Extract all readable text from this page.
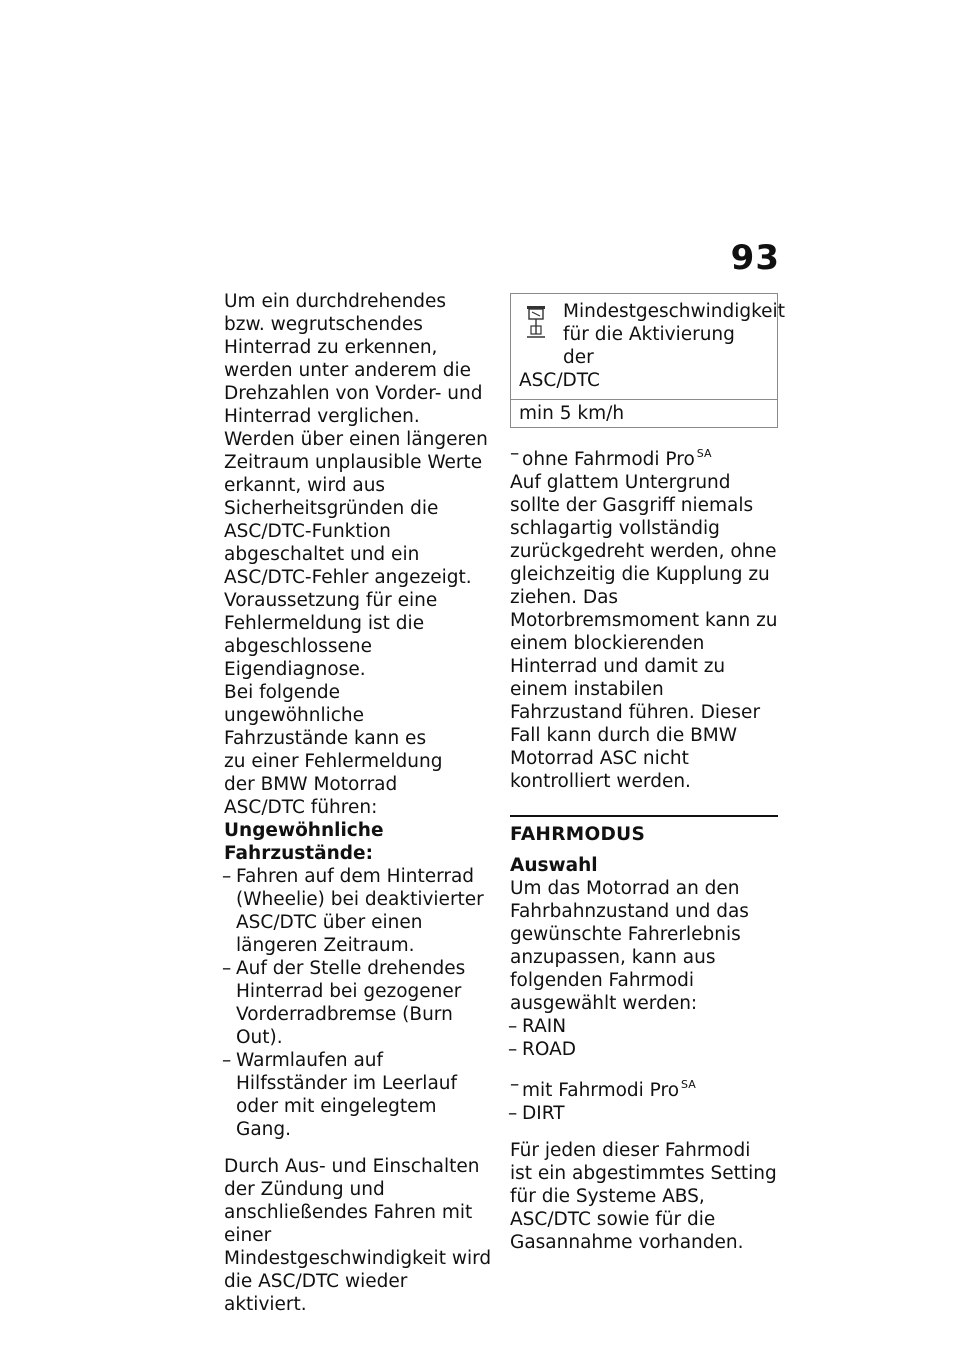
93

Um ein durchdrehendes bzw. wegrutschendes Hinterrad zu erkennen, werden unter anderem die Drehzahlen von Vorder- und Hinterrad verglichen. Werden über einen längeren Zeitraum unplausible Werte erkannt, wird aus Sicherheitsgründen die ASC/DTC-Funktion abgeschaltet und ein ASC/DTC-Fehler angezeigt. Voraussetzung für eine Fehlermeldung ist die abgeschlossene Eigendiagnose.

Bei folgende ungewöhnliche Fahrzustände kann es zu einer Fehlermeldung der BMW Motorrad ASC/DTC führen:

Ungewöhnliche Fahrzustände:

– Fahren auf dem Hinterrad (Wheelie) bei deaktivierter ASC/DTC über einen längeren Zeitraum.
– Auf der Stelle drehendes Hinterrad bei gezogener Vorderradbremse (Burn Out).
– Warmlaufen auf Hilfsständer im Leerlauf oder mit eingelegtem Gang.

Durch Aus- und Einschalten der Zündung und anschließendes Fahren mit einer Mindestgeschwindigkeit wird die ASC/DTC wieder aktiviert.

Mindestgeschwindigkeit
für die Aktivierung der
ASC/DTC
min 5 km/h
– ohne Fahrmodi Pro $^{SA}$

Auf glattem Untergrund sollte der Gasgriff niemals schlagartig vollständig zurückgedreht werden, ohne gleichzeitig die Kupplung zu ziehen. Das Motorbremsmoment kann zu einem blockierenden Hinterrad und damit zu einem instabilen Fahrzustand führen. Dieser Fall kann durch die BMW Motorrad ASC nicht kontrolliert werden.

FAHRMODUS
Auswahl

Um das Motorrad an den Fahrbahnzustand und das gewünschte Fahrerlebnis anzupassen, kann aus folgenden Fahrmodi ausgewählt werden:

– RAIN
– ROAD
– mit Fahrmodi Pro $^{SA}$
– DIRT

Für jeden dieser Fahrmodi ist ein abgestimmtes Setting für die Systeme ABS, ASC/DTC sowie für die Gasannahme vorhanden.
